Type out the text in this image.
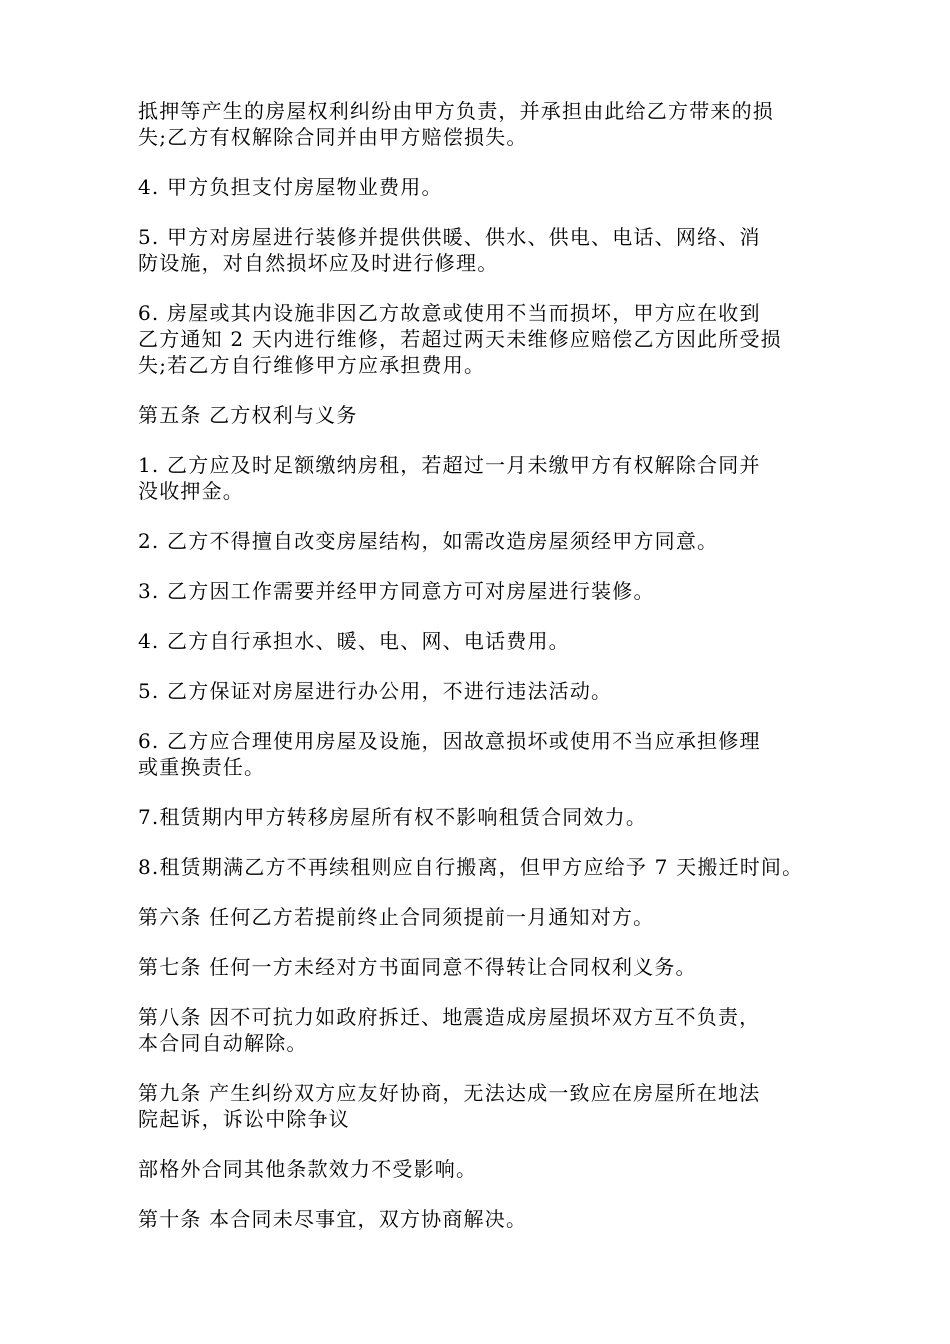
抵押等产生的房屋权利纠纷由甲方负责，并承担由此给乙方带来的损
失;乙方有权解除合同并由甲方赔偿损失。
4. 甲方负担支付房屋物业费用。
5. 甲方对房屋进行装修并提供供暖、供水、供电、电话、网络、消
防设施，对自然损坏应及时进行修理。
6. 房屋或其内设施非因乙方故意或使用不当而损坏，甲方应在收到
乙方通知 2 天内进行维修，若超过两天未维修应赔偿乙方因此所受损
失;若乙方自行维修甲方应承担费用。
第五条 乙方权利与义务
1. 乙方应及时足额缴纳房租，若超过一月未缴甲方有权解除合同并
没收押金。
2. 乙方不得擅自改变房屋结构，如需改造房屋须经甲方同意。
3. 乙方因工作需要并经甲方同意方可对房屋进行装修。
4. 乙方自行承担水、暖、电、网、电话费用。
5. 乙方保证对房屋进行办公用，不进行违法活动。
6. 乙方应合理使用房屋及设施，因故意损坏或使用不当应承担修理
或重换责任。
7.租赁期内甲方转移房屋所有权不影响租赁合同效力。
8.租赁期满乙方不再续租则应自行搬离，但甲方应给予 7 天搬迁时间。
第六条 任何乙方若提前终止合同须提前一月通知对方。
第七条 任何一方未经对方书面同意不得转让合同权利义务。
第八条 因不可抗力如政府拆迁、地震造成房屋损坏双方互不负责，
本合同自动解除。
第九条 产生纠纷双方应友好协商，无法达成一致应在房屋所在地法
院起诉，诉讼中除争议
部格外合同其他条款效力不受影响。
第十条 本合同未尽事宜，双方协商解决。
